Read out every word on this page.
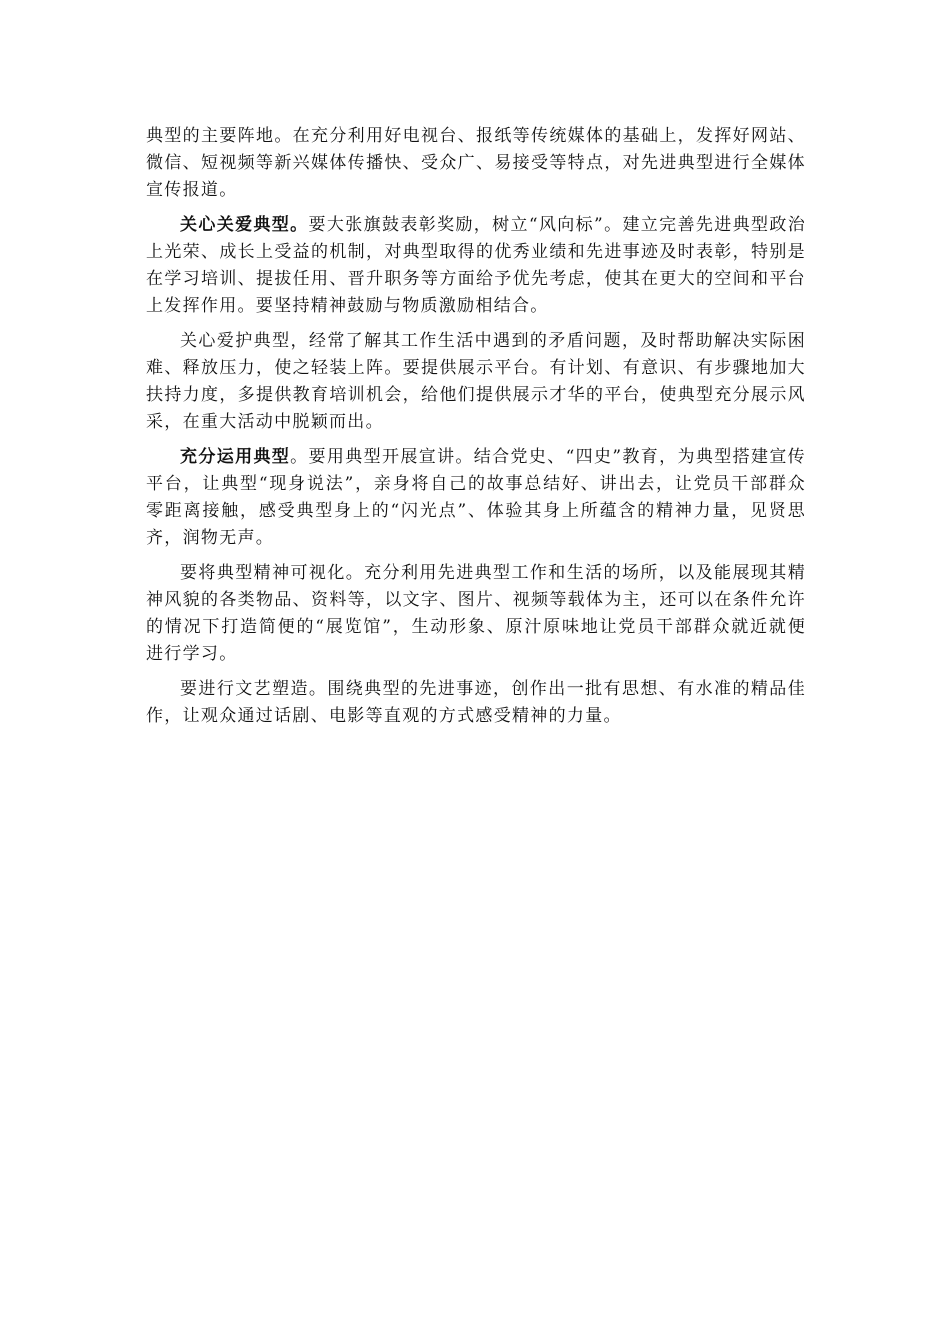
典型的主要阵地。在充分利用好电视台、报纸等传统媒体的基础上，发挥好网站、微信、短视频等新兴媒体传播快、受众广、易接受等特点，对先进典型进行全媒体宣传报道。

关心关爱典型。要大张旗鼓表彰奖励，树立“风向标”。建立完善先进典型政治上光荣、成长上受益的机制，对典型取得的优秀业绩和先进事迹及时表彰，特别是在学习培训、提拔任用、晋升职务等方面给予优先考虑，使其在更大的空间和平台上发挥作用。要坚持精神鼓励与物质激励相结合。

关心爱护典型，经常了解其工作生活中遇到的矛盾问题，及时帮助解决实际困难、释放压力，使之轻装上阵。要提供展示平台。有计划、有意识、有步骤地加大扶持力度，多提供教育培训机会，给他们提供展示才华的平台，使典型充分展示风采，在重大活动中脱颖而出。

充分运用典型。要用典型开展宣讲。结合党史、“四史”教育，为典型搭建宣传平台，让典型“现身说法”，亲身将自己的故事总结好、讲出去，让党员干部群众零距离接触，感受典型身上的“闪光点”、体验其身上所蕴含的精神力量，见贤思齐，润物无声。

要将典型精神可视化。充分利用先进典型工作和生活的场所，以及能展现其精神风貌的各类物品、资料等，以文字、图片、视频等载体为主，还可以在条件允许的情况下打造简便的“展览馆”，生动形象、原汁原味地让党员干部群众就近就便进行学习。

要进行文艺塑造。围绕典型的先进事迹，创作出一批有思想、有水准的精品佳作，让观众通过话剧、电影等直观的方式感受精神的力量。
